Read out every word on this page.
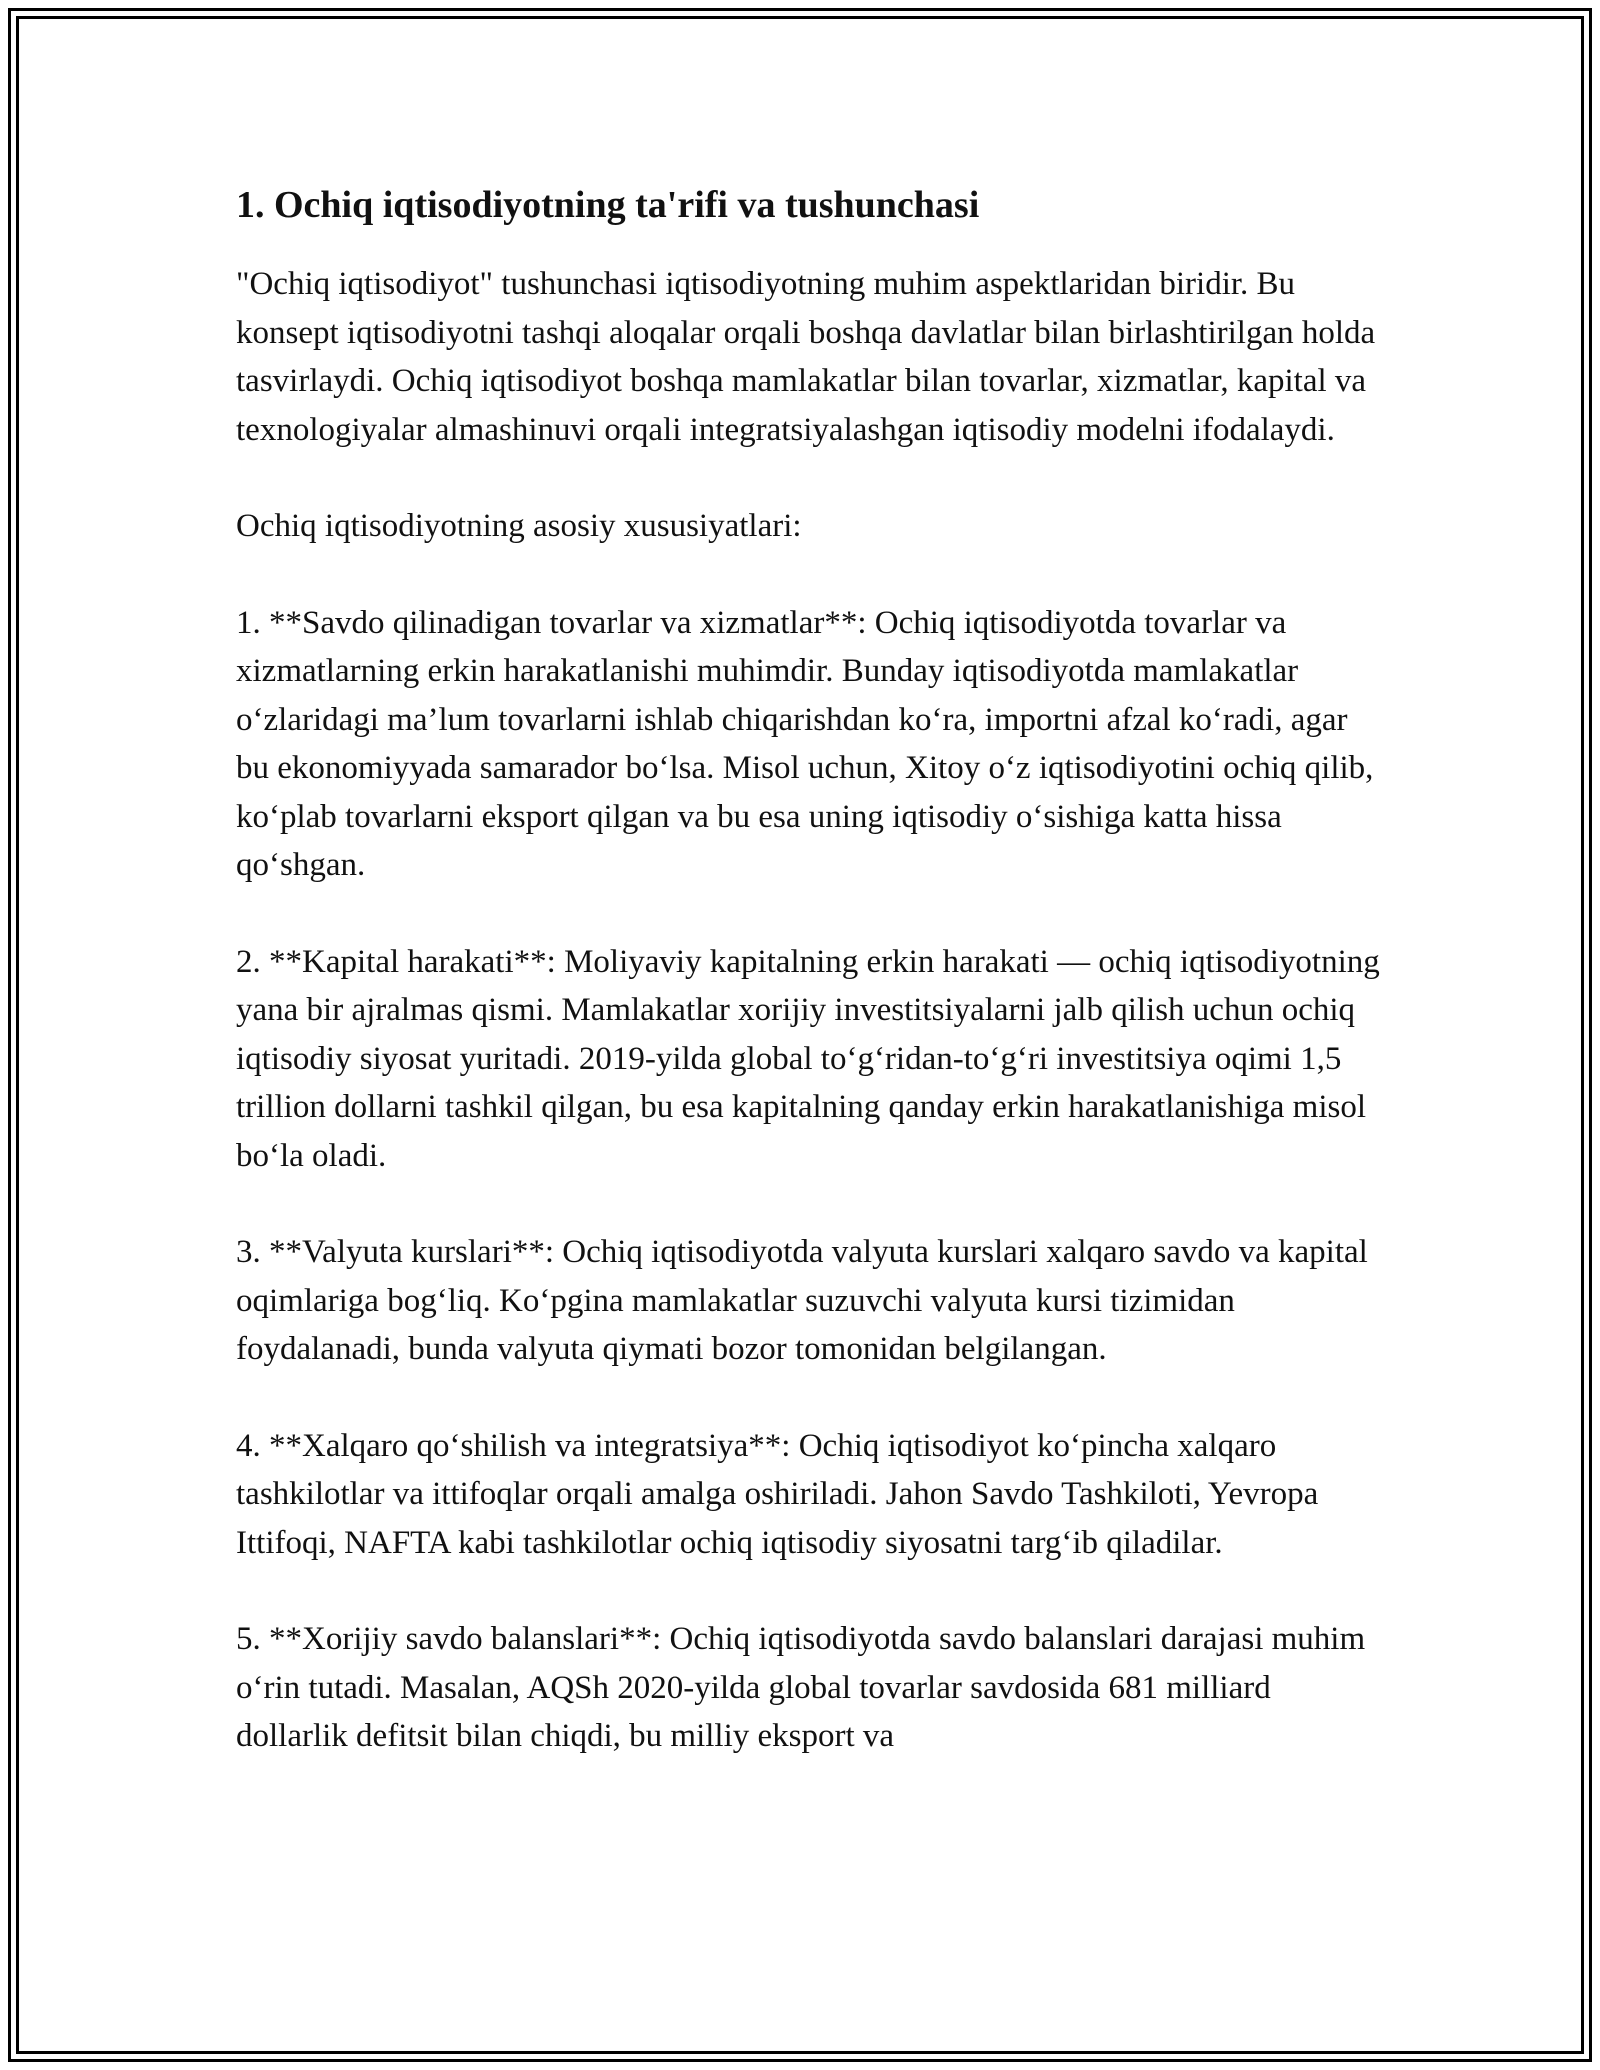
1. Ochiq iqtisodiyotning ta'rifi va tushunchasi

"Ochiq iqtisodiyot" tushunchasi iqtisodiyotning muhim aspektlaridan biridir. Bu konsept iqtisodiyotni tashqi aloqalar orqali boshqa davlatlar bilan birlashtirilgan holda tasvirlaydi. Ochiq iqtisodiyot boshqa mamlakatlar bilan tovarlar, xizmatlar, kapital va texnologiyalar almashinuvi orqali integratsiyalashgan iqtisodiy modelni ifodalaydi.

Ochiq iqtisodiyotning asosiy xususiyatlari:

1. **Savdo qilinadigan tovarlar va xizmatlar**: Ochiq iqtisodiyotda tovarlar va xizmatlarning erkin harakatlanishi muhimdir. Bunday iqtisodiyotda mamlakatlar o‘zlaridagi ma’lum tovarlarni ishlab chiqarishdan ko‘ra, importni afzal ko‘radi, agar bu ekonomiyyada samarador bo‘lsa. Misol uchun, Xitoy o‘z iqtisodiyotini ochiq qilib, ko‘plab tovarlarni eksport qilgan va bu esa uning iqtisodiy o‘sishiga katta hissa qo‘shgan.

2. **Kapital harakati**: Moliyaviy kapitalning erkin harakati — ochiq iqtisodiyotning yana bir ajralmas qismi. Mamlakatlar xorijiy investitsiyalarni jalb qilish uchun ochiq iqtisodiy siyosat yuritadi. 2019-yilda global to‘g‘ridan-to‘g‘ri investitsiya oqimi 1,5 trillion dollarni tashkil qilgan, bu esa kapitalning qanday erkin harakatlanishiga misol bo‘la oladi.

3. **Valyuta kurslari**: Ochiq iqtisodiyotda valyuta kurslari xalqaro savdo va kapital oqimlariga bog‘liq. Ko‘pgina mamlakatlar suzuvchi valyuta kursi tizimidan foydalanadi, bunda valyuta qiymati bozor tomonidan belgilangan.

4. **Xalqaro qo‘shilish va integratsiya**: Ochiq iqtisodiyot ko‘pincha xalqaro tashkilotlar va ittifoqlar orqali amalga oshiriladi. Jahon Savdo Tashkiloti, Yevropa Ittifoqi, NAFTA kabi tashkilotlar ochiq iqtisodiy siyosatni targ‘ib qiladilar.

5. **Xorijiy savdo balanslari**: Ochiq iqtisodiyotda savdo balanslari darajasi muhim o‘rin tutadi. Masalan, AQSh 2020-yilda global tovarlar savdosida 681 milliard dollarlik defitsit bilan chiqdi, bu milliy eksport va
